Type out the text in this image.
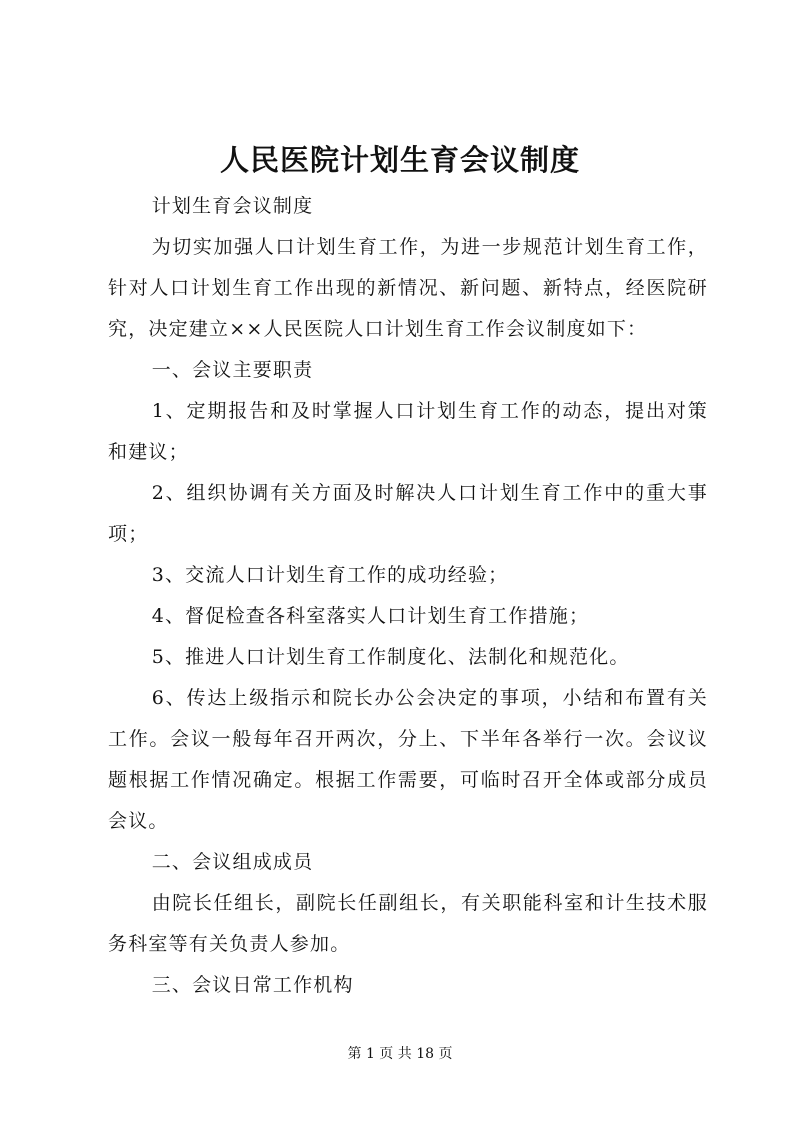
人民医院计划生育会议制度

计划生育会议制度

为切实加强人口计划生育工作，为进一步规范计划生育工作，针对人口计划生育工作出现的新情况、新问题、新特点，经医院研究，决定建立××人民医院人口计划生育工作会议制度如下：

一、会议主要职责

1、定期报告和及时掌握人口计划生育工作的动态，提出对策和建议；

2、组织协调有关方面及时解决人口计划生育工作中的重大事项；

3、交流人口计划生育工作的成功经验；

4、督促检查各科室落实人口计划生育工作措施；

5、推进人口计划生育工作制度化、法制化和规范化。

6、传达上级指示和院长办公会决定的事项，小结和布置有关工作。会议一般每年召开两次，分上、下半年各举行一次。会议议题根据工作情况确定。根据工作需要，可临时召开全体或部分成员会议。

二、会议组成成员

由院长任组长，副院长任副组长，有关职能科室和计生技术服务科室等有关负责人参加。

三、会议日常工作机构

第 1 页 共 18 页
